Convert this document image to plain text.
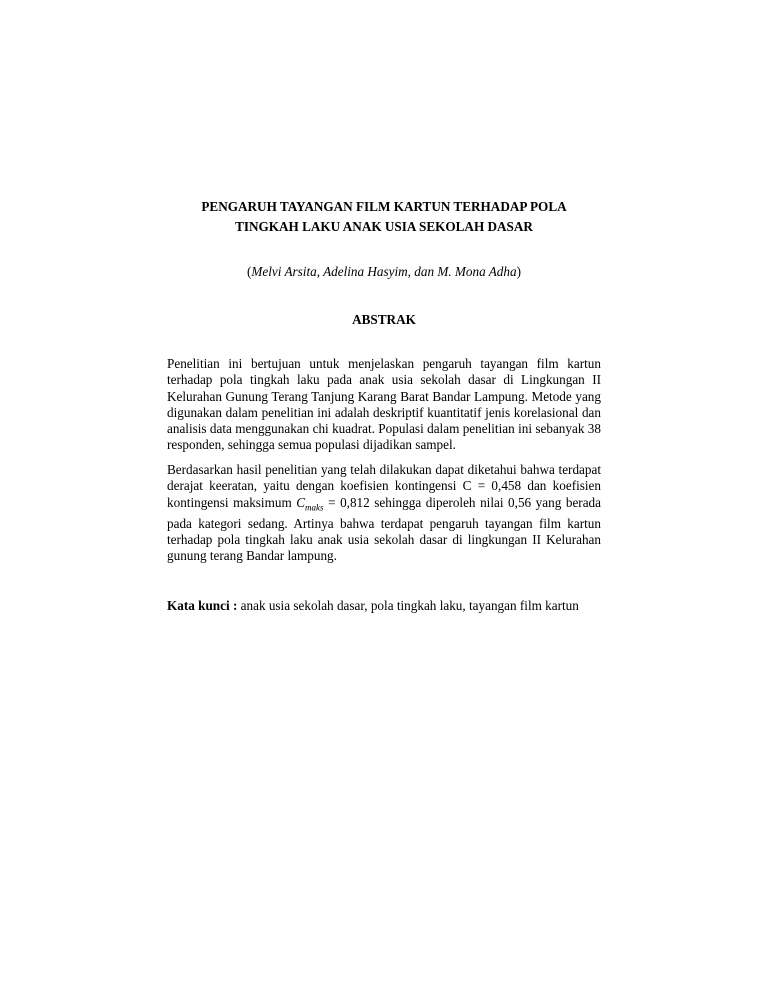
PENGARUH TAYANGAN FILM KARTUN TERHADAP POLA
TINGKAH LAKU ANAK USIA SEKOLAH DASAR

(Melvi Arsita, Adelina Hasyim, dan M. Mona Adha)

ABSTRAK

Penelitian ini bertujuan untuk menjelaskan pengaruh tayangan film kartun terhadap pola tingkah laku pada anak usia sekolah dasar di Lingkungan II Kelurahan Gunung Terang Tanjung Karang Barat Bandar Lampung. Metode yang digunakan dalam penelitian ini adalah deskriptif kuantitatif jenis korelasional dan analisis data menggunakan chi kuadrat. Populasi dalam penelitian ini sebanyak 38 responden, sehingga semua populasi dijadikan sampel.

Berdasarkan hasil penelitian yang telah dilakukan dapat diketahui bahwa terdapat derajat keeratan, yaitu dengan koefisien kontingensi C = 0,458 dan koefisien kontingensi maksimum $C_{maks} = 0,812$ sehingga diperoleh nilai 0,56 yang berada pada kategori sedang. Artinya bahwa terdapat pengaruh tayangan film kartun terhadap pola tingkah laku anak usia sekolah dasar di lingkungan II Kelurahan gunung terang Bandar lampung.

Kata kunci : anak usia sekolah dasar, pola tingkah laku, tayangan film kartun
